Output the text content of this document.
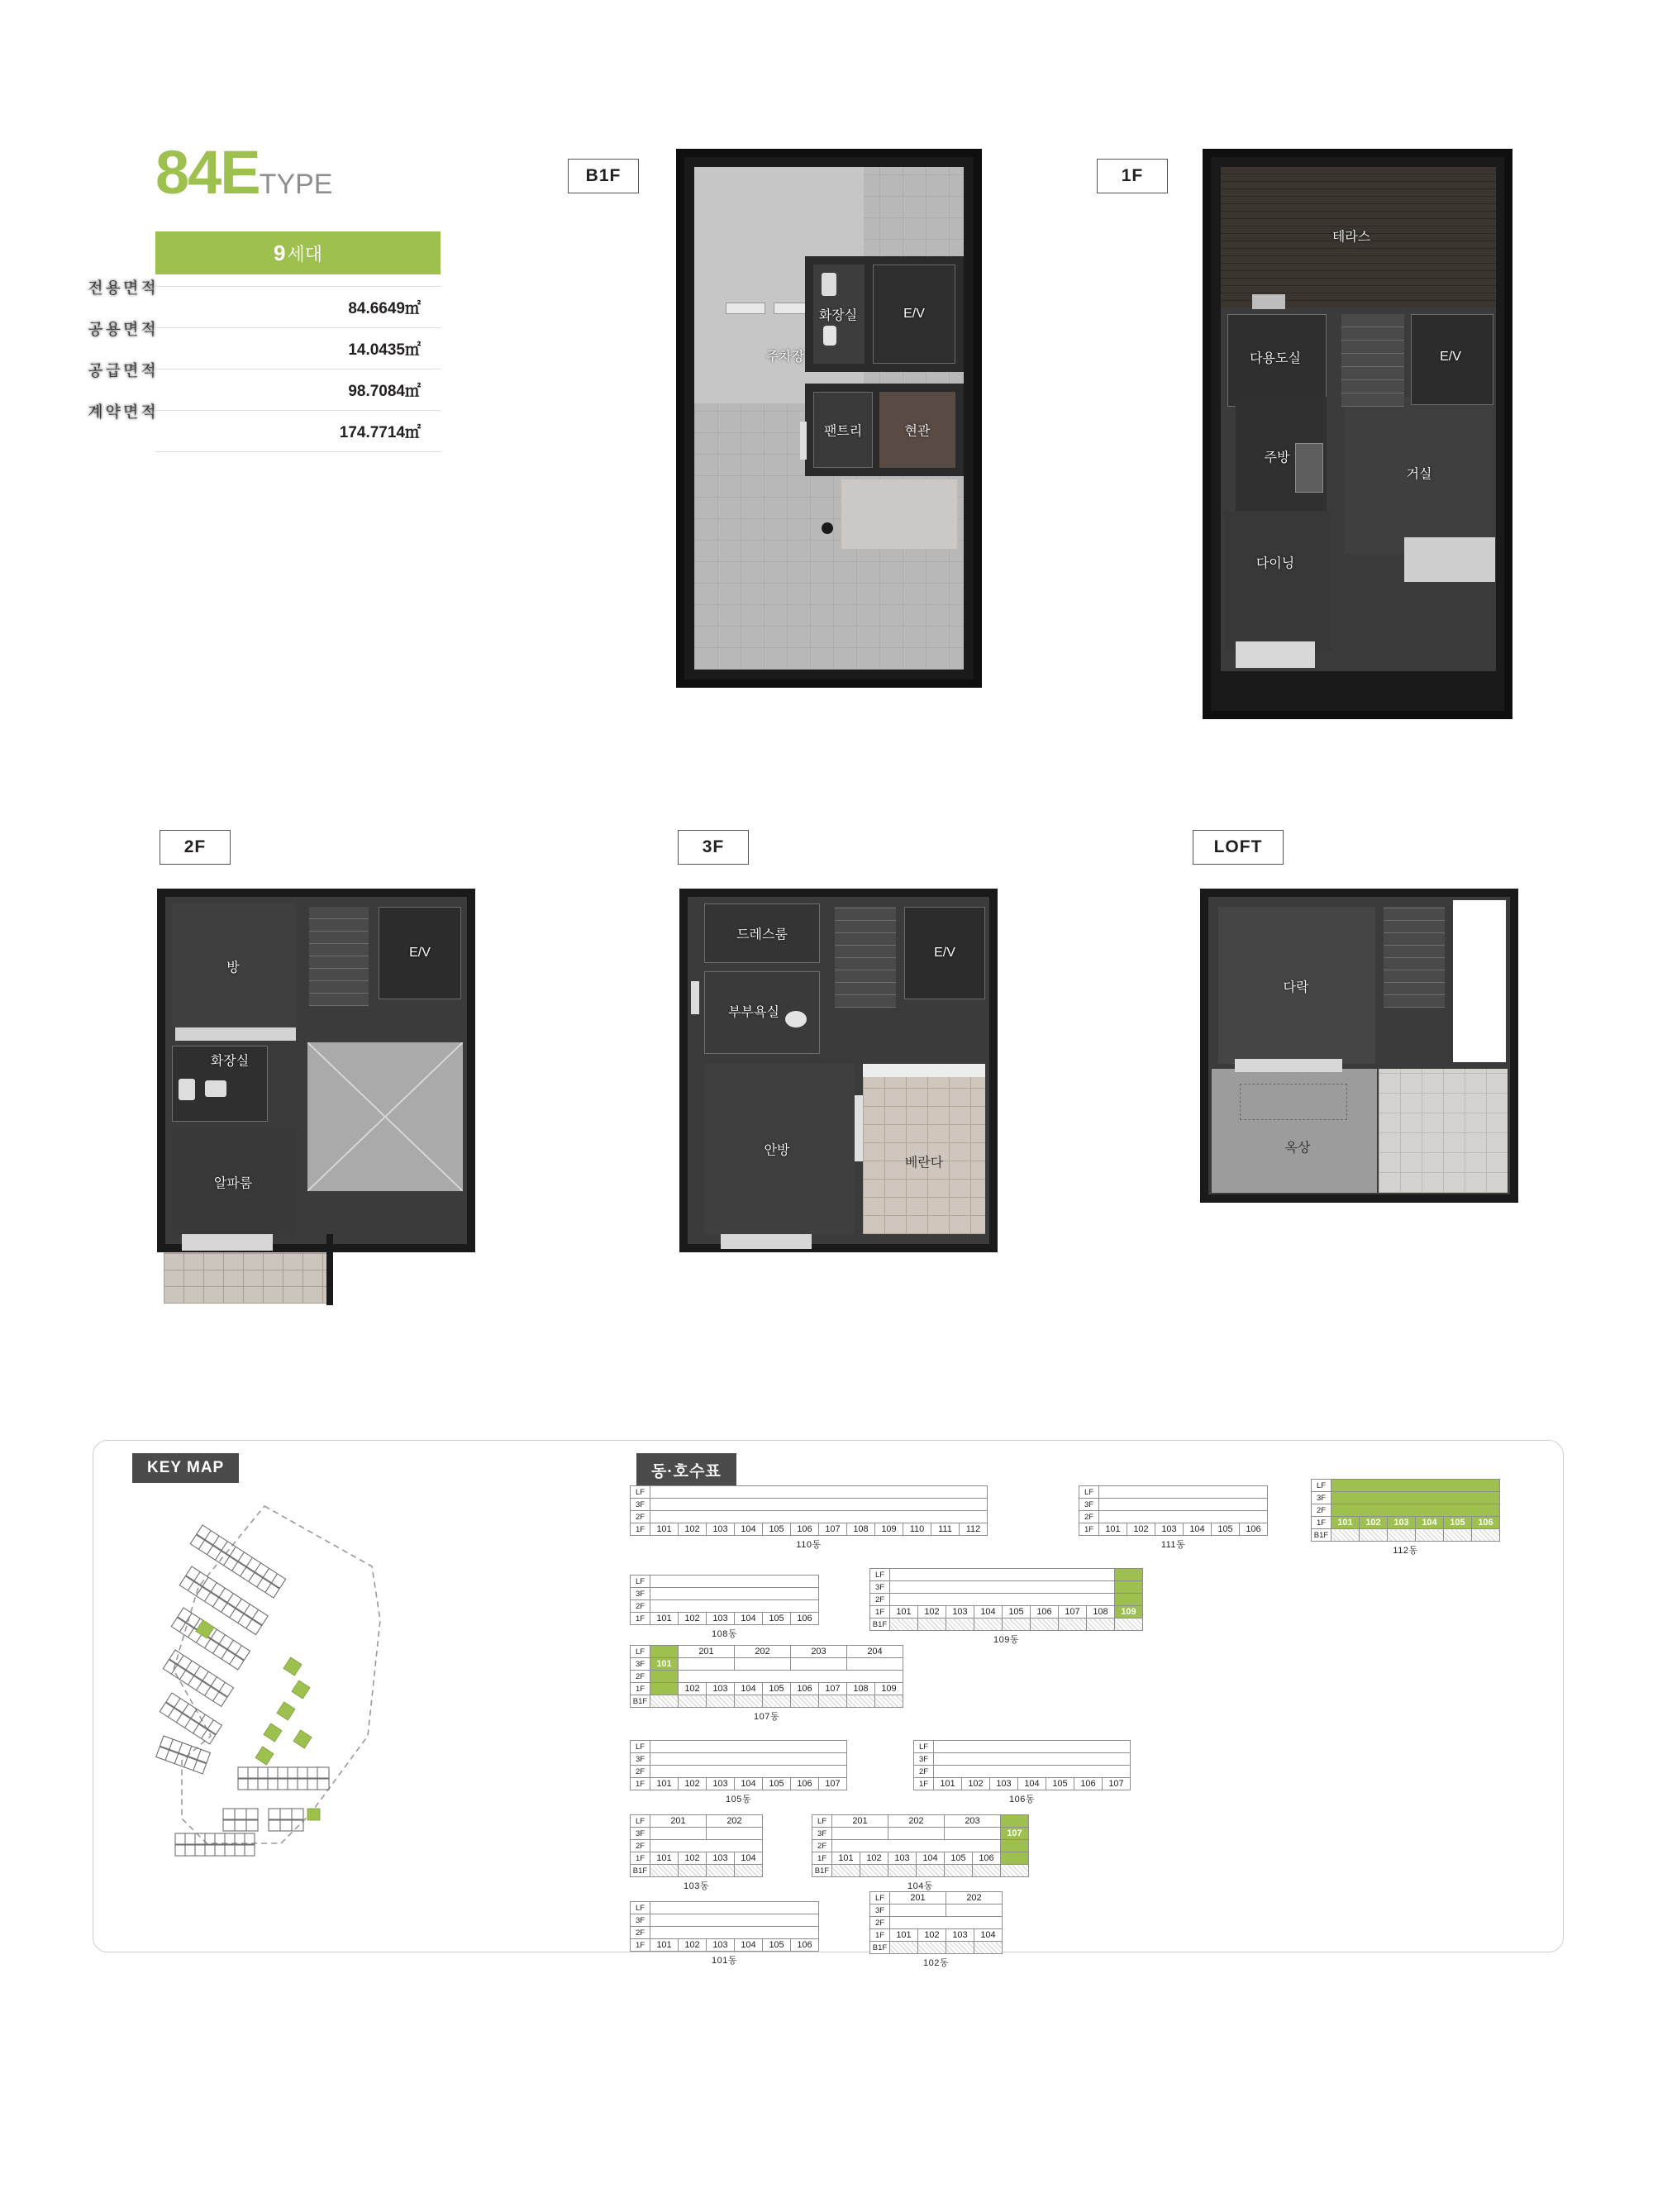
84ETYPE
9 세대
전용면적
84.6649㎡

공용면적
14.0435㎡

공급면적
98.7084㎡

계약면적
174.7714㎡
B1F	1F
2F	3F	LOFT
주차장
화장실	E/V
팬트리	현관
테라스
다용도실	E/V
주방
거실
다이닝
방
E/V
화장실
알파룸
드레스룸
부부욕실
E/V
안방
베란다
다락
옥상
KEY MAP	동·호수표
LF												
3F												
2F												
1F	101	102	103	104	105	106	107	108	109	110	111	112
110동
LF						
3F						
2F						
1F	101	102	103	104	105	106
111동
LF						
3F						
2F						
1F	101	102	103	104	105	106
B1F						
112동
LF						
3F						
2F						
1F	101	102	103	104	105	106
108동
LF									
3F									
2F									
1F	101	102	103	104	105	106	107	108	109
B1F									
109동
LF		201		202		203		204	
3F	101								
2F									
1F		102	103	104	105	106	107	108	109
B1F									
107동
LF							
3F							
2F							
1F	101	102	103	104	105	106	107
105동
LF							
3F							
2F							
1F	101	102	103	104	105	106	107
106동
LF	201		202	
3F				
2F				
1F	101	102	103	104
B1F				
103동
LF	201		202		203		
3F							107
2F							
1F	101	102	103	104	105	106	
B1F							
104동
LF						
3F						
2F						
1F	101	102	103	104	105	106
101동
LF	201		202	
3F				
2F				
1F	101	102	103	104
B1F				
102동
